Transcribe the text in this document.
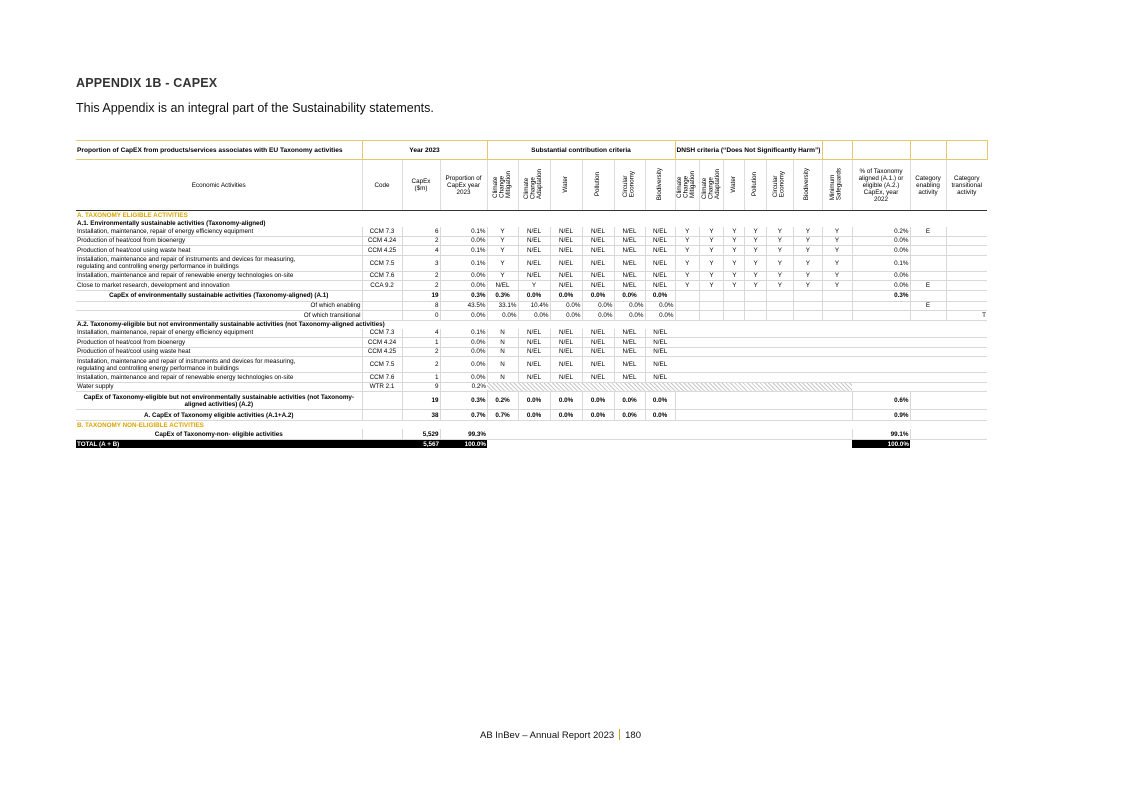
APPENDIX 1B - CAPEX
This Appendix is an integral part of the Sustainability statements.
Proportion of CapEX from products/services associates with EU Taxonomy activities	Year 2023			Substantial contribution criteria						DNSH criteria (“Does Not Significantly Harm”)									
Economic Activities	Code	CapEx
($m)	Proportion of
CapEx year
2023	Climate
Change
Mitigation	Climate
Change
Adaptation	Water	Pollution	Circular
Economy	Biodiversity	Climate
Change
Mitigation	Climate
Change
Adaptation	Water	Pollution	Circular
Economy	Biodiversity	Minimum
Safeguards	% of Taxonomy
aligned (A.1.) or
eligible (A.2.)
CapEx, year
2022	Category
enabling
activity	Category
transitional
activity
A. TAXONOMY ELIGIBLE ACTIVITIES																			
A.1. Environmentally sustainable activities (Taxonomy-aligned)																			
Installation, maintenance, repair of energy efficiency equipment	CCM 7.3	6	0.1%	Y	N/EL	N/EL	N/EL	N/EL	N/EL	Y	Y	Y	Y	Y	Y	Y	0.2%	E	
Production of heat/cool from bioenergy	CCM 4.24	2	0.0%	Y	N/EL	N/EL	N/EL	N/EL	N/EL	Y	Y	Y	Y	Y	Y	Y	0.0%		
Production of heat/cool using waste heat	CCM 4.25	4	0.1%	Y	N/EL	N/EL	N/EL	N/EL	N/EL	Y	Y	Y	Y	Y	Y	Y	0.0%		
Installation, maintenance and repair of instruments and devices for measuring,
regulating and controlling energy performance in buildings	CCM 7.5	3	0.1%	Y	N/EL	N/EL	N/EL	N/EL	N/EL	Y	Y	Y	Y	Y	Y	Y	0.1%		
Installation, maintenance and repair of renewable energy technologies on-site	CCM 7.6	2	0.0%	Y	N/EL	N/EL	N/EL	N/EL	N/EL	Y	Y	Y	Y	Y	Y	Y	0.0%		
Close to market research, development and innovation	CCA 9.2	2	0.0%	N/EL	Y	N/EL	N/EL	N/EL	N/EL	Y	Y	Y	Y	Y	Y	Y	0.0%	E	
CapEx of environmentally sustainable activities (Taxonomy-aligned) (A.1)		19	0.3%	0.3%	0.0%	0.0%	0.0%	0.0%	0.0%								0.3%		
Of which enabling		8	43.5%	33.1%	10.4%	0.0%	0.0%	0.0%	0.0%									E	
Of which transitional		0	0.0%	0.0%	0.0%	0.0%	0.0%	0.0%	0.0%										T
A.2. Taxonomy-eligible but not environmentally sustainable activities (not Taxonomy-aligned activities)																			
Installation, maintenance, repair of energy efficiency equipment	CCM 7.3	4	0.1%	N	N/EL	N/EL	N/EL	N/EL	N/EL										
Production of heat/cool from bioenergy	CCM 4.24	1	0.0%	N	N/EL	N/EL	N/EL	N/EL	N/EL										
Production of heat/cool using waste heat	CCM 4.25	2	0.0%	N	N/EL	N/EL	N/EL	N/EL	N/EL										
Installation, maintenance and repair of instruments and devices for measuring,
regulating and controlling energy performance in buildings	CCM 7.5	2	0.0%	N	N/EL	N/EL	N/EL	N/EL	N/EL										
Installation, maintenance and repair of renewable energy technologies on-site	CCM 7.6	1	0.0%	N	N/EL	N/EL	N/EL	N/EL	N/EL										
Water supply	WTR 2.1	9	0.2%																
CapEx of Taxonomy-eligible but not environmentally sustainable activities (not Taxonomy-
aligned activities) (A.2)		19	0.3%	0.2%	0.0%	0.0%	0.0%	0.0%	0.0%								0.6%		
A. CapEx of Taxonomy eligible activities (A.1+A.2)		38	0.7%	0.7%	0.0%	0.0%	0.0%	0.0%	0.0%								0.9%		
B. TAXONOMY NON-ELIGIBLE ACTIVITIES																			
CapEx of Taxonomy-non- eligible activities		5,529	99.3%														99.1%		
TOTAL (A + B)		5,567	100.0%														100.0%		
AB InBev – Annual Report 2023 180
